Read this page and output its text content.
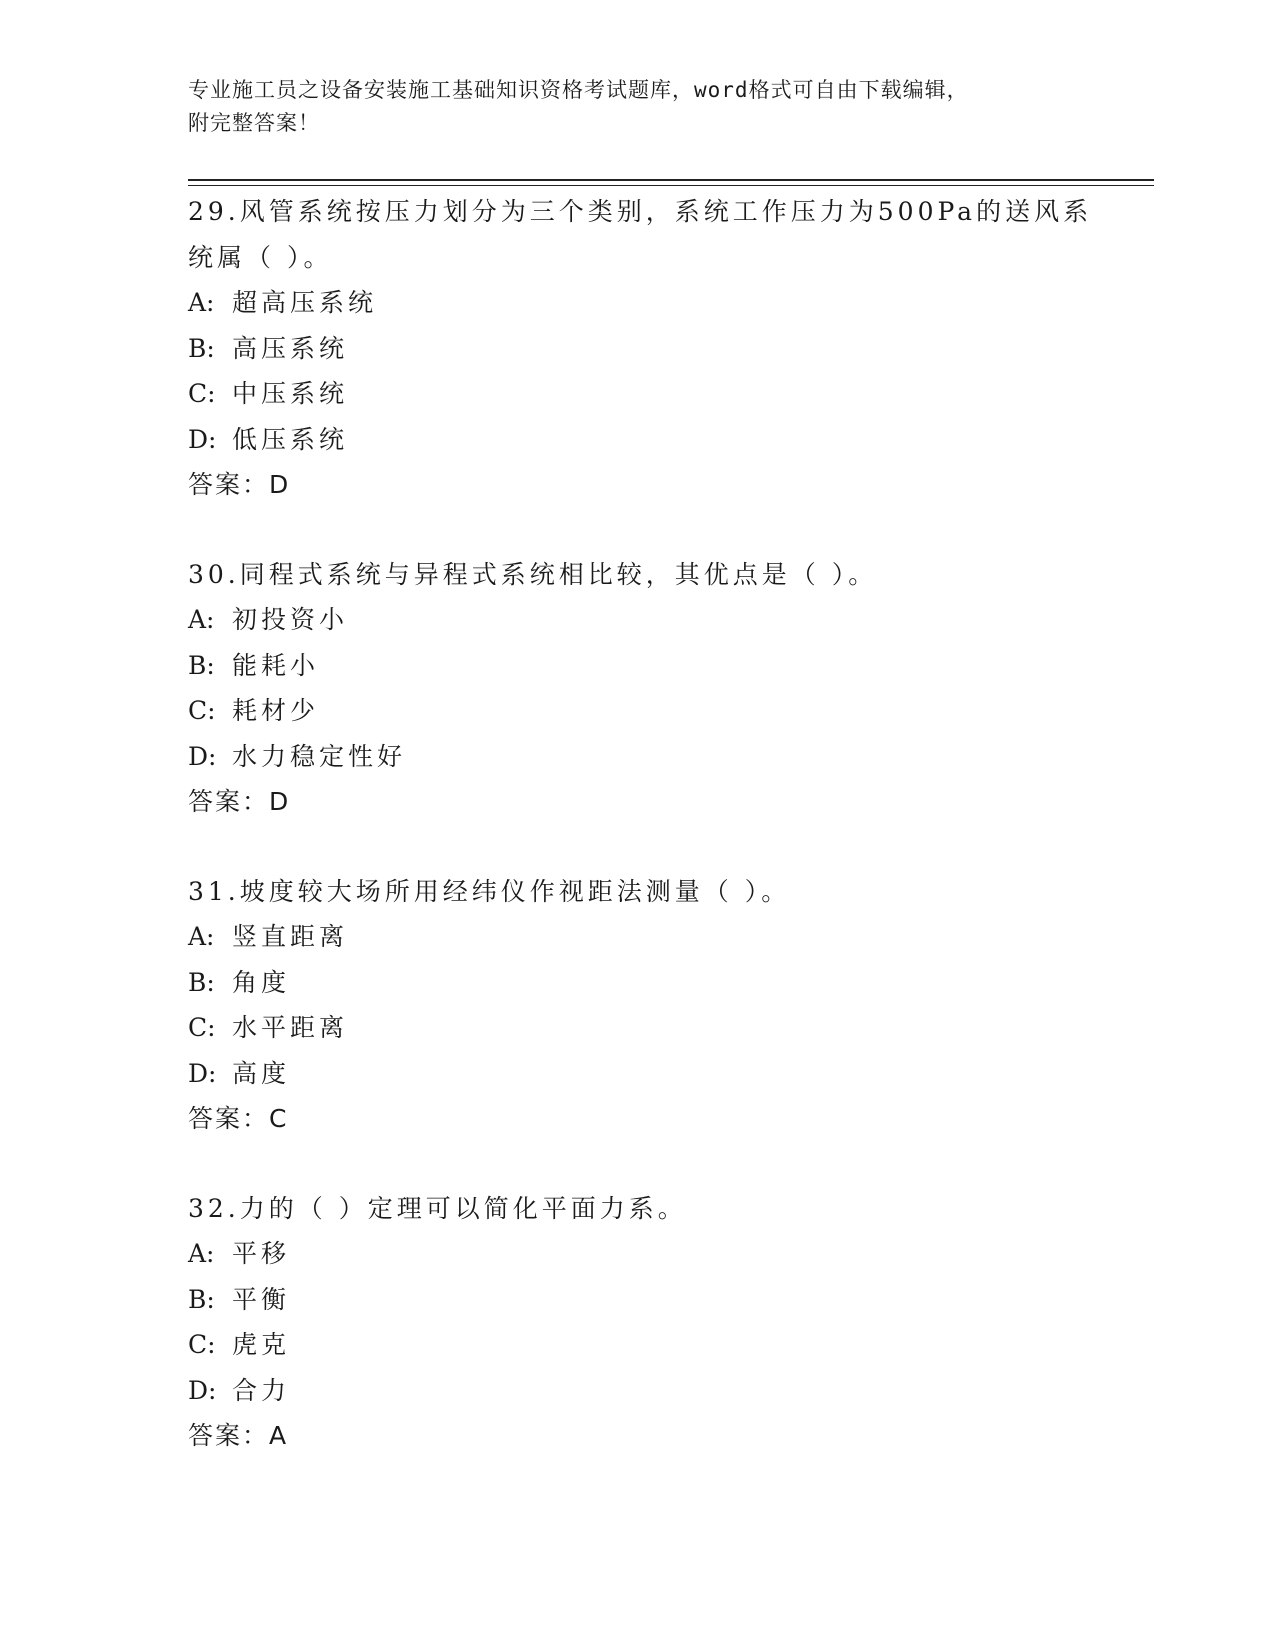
专业施工员之设备安装施工基础知识资格考试题库，word格式可自由下载编辑，
附完整答案！
29.风管系统按压力划分为三个类别，系统工作压力为500Pa的送风系
统属（ ）。
A: 超高压系统
B: 高压系统
C: 中压系统
D: 低压系统
答案：D
30.同程式系统与异程式系统相比较，其优点是（ ）。
A: 初投资小
B: 能耗小
C: 耗材少
D: 水力稳定性好
答案：D
31.坡度较大场所用经纬仪作视距法测量（ ）。
A: 竖直距离
B: 角度
C: 水平距离
D: 高度
答案：C
32.力的（ ）定理可以简化平面力系。
A: 平移
B: 平衡
C: 虎克
D: 合力
答案：A
